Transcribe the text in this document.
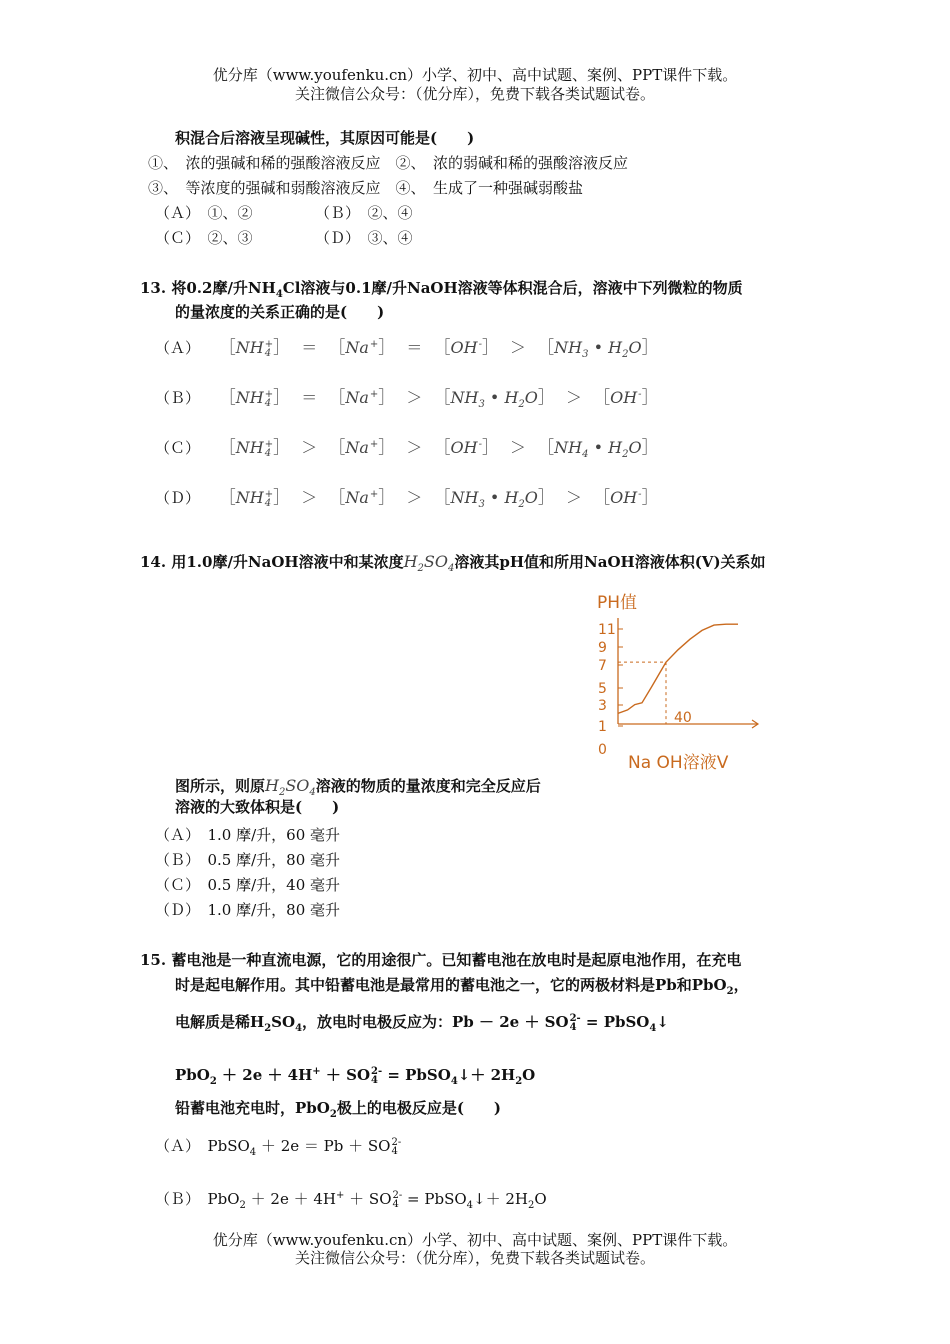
优分库（www.youfenku.cn）小学、初中、高中试题、案例、PPT课件下载。
关注微信公众号：（优分库），免费下载各类试题试卷。
积混合后溶液呈现碱性，其原因可能是(　　)
①、　浓的强碱和稀的强酸溶液反应　②、　浓的弱碱和稀的强酸溶液反应
③、　等浓度的强碱和弱酸溶液反应　④、　生成了一种强碱弱酸盐
（Ａ）　①、②	（Ｂ）　②、④
（Ｃ）　②、③	（Ｄ）　③、④
13. 将0.2摩/升$NH_4Cl$溶液与0.1摩/升NaOH溶液等体积混合后，溶液中下列微粒的物质
的量浓度的关系正确的是(　　)
（Ａ） ［NH +
4 ］ ＝ ［Na +
］ ＝ ［OH -
］ ＞ $[NH_3$ • $H_2O]$
（Ｂ） ［NH +
4 ］ ＝ ［Na +
］ ＞ $[NH_3$ • $H_2O]$ ＞ ［OH -
］
（Ｃ） ［NH +
4 ］ ＞ ［Na +
］ ＞ ［OH -
］ ＞ $[NH_4$ • $H_2O]$
（Ｄ） ［NH +
4 ］ ＞ ［Na +
］ ＞ $[NH_3$ • $H_2O]$ ＞ ［OH -
］
14. 用1.0摩/升NaOH溶液中和某浓度$H_2SO_4$溶液其pH值和所用NaOH溶液体积(V)关系如
PH值
11
9
7
5
3
1
0
40
Na OH溶液V
图所示，则原$H_2SO_4$溶液的物质的量浓度和完全反应后
溶液的大致体积是(　　)
（Ａ）　1.0 摩/升，60 毫升
（Ｂ）　0.5 摩/升，80 毫升
（Ｃ）　0.5 摩/升，40 毫升
（Ｄ）　1.0 摩/升，80 毫升
15. 蓄电池是一种直流电源，它的用途很广。已知蓄电池在放电时是起原电池作用，在充电
时是起电解作用。其中铅蓄电池是最常用的蓄电池之一，它的两极材料是Pb和PbO$_2$，
电解质是稀$H_2SO_4$，放电时电极反应为：Pb － 2e ＋ SO 2-
4 = PbSO$_4$↓
PbO$_2$ ＋ 2e ＋ 4H+ ＋ SO 2-
4 = PbSO$_4$↓＋ $2H_2O$
铅蓄电池充电时，PbO$_2$极上的电极反应是(　　)
（Ａ）　PbSO$_4$ ＋ 2e ＝ Pb ＋ SO 2-
4
（Ｂ）　PbO$_2$ ＋ 2e ＋ 4H+ ＋ SO 2-
4 = PbSO$_4$↓＋ $2H_2O$
优分库（www.youfenku.cn）小学、初中、高中试题、案例、PPT课件下载。
关注微信公众号：（优分库），免费下载各类试题试卷。
